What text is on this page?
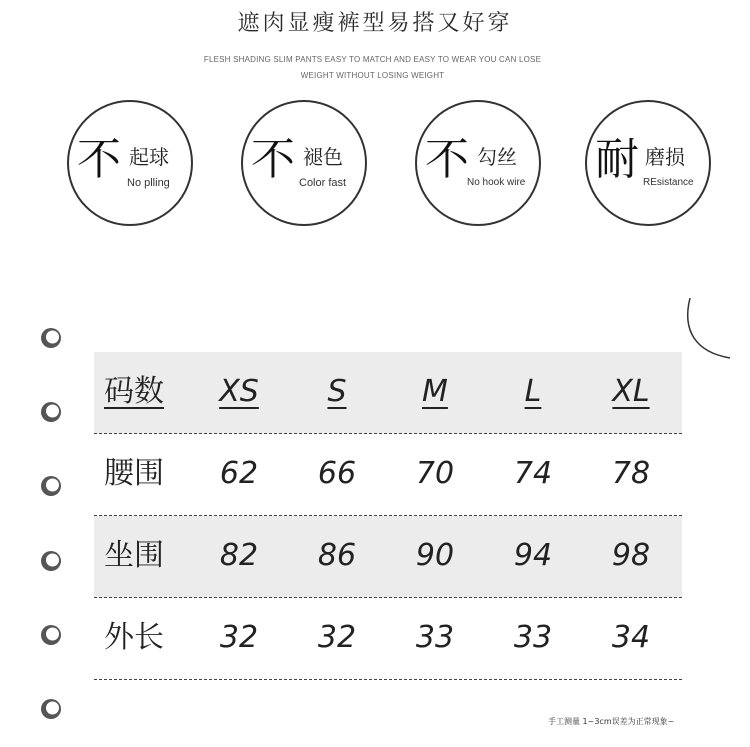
遮肉显瘦裤型易搭又好穿
FLESH SHADING SLIM PANTS EASY TO MATCH AND EASY TO WEAR YOU CAN LOSE
WEIGHT WITHOUT LOSING WEIGHT
不 起球
No plling 不 褪色
Color fast 不 勾丝
No hook wire 耐 磨损
REsistance
码数	XS	S	M	L	XL
腰围	62	66	70	74	78
坐围	82	86	90	94	98
外长	32	32	33	33	34
手工测量 1~3cm误差为正常现象~
